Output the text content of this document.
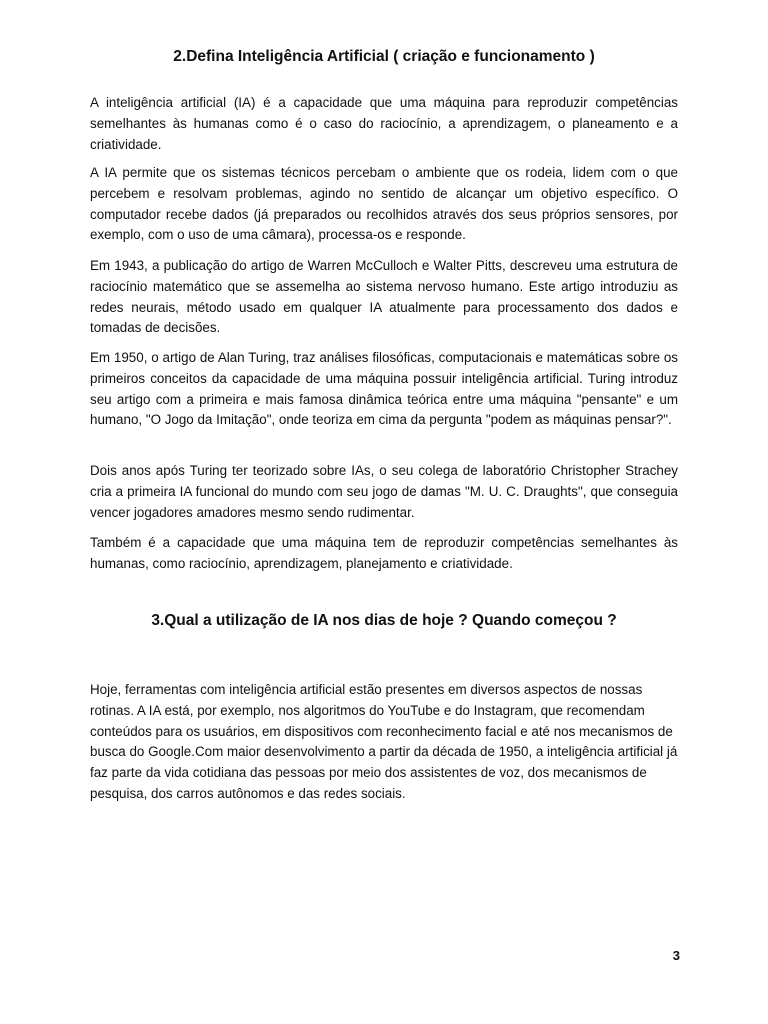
2.Defina Inteligência Artificial ( criação e funcionamento )

A inteligência artificial (IA) é a capacidade que uma máquina para reproduzir competências semelhantes às humanas como é o caso do raciocínio, a aprendizagem, o planeamento e a criatividade.

A IA permite que os sistemas técnicos percebam o ambiente que os rodeia, lidem com o que percebem e resolvam problemas, agindo no sentido de alcançar um objetivo específico. O computador recebe dados (já preparados ou recolhidos através dos seus próprios sensores, por exemplo, com o uso de uma câmara), processa-os e responde.

Em 1943, a publicação do artigo de Warren McCulloch e Walter Pitts, descreveu uma estrutura de raciocínio matemático que se assemelha ao sistema nervoso humano. Este artigo introduziu as redes neurais, método usado em qualquer IA atualmente para processamento dos dados e tomadas de decisões.

Em 1950, o artigo de Alan Turing, traz análises filosóficas, computacionais e matemáticas sobre os primeiros conceitos da capacidade de uma máquina possuir inteligência artificial. Turing introduz seu artigo com a primeira e mais famosa dinâmica teórica entre uma máquina "pensante" e um humano, "O Jogo da Imitação", onde teoriza em cima da pergunta "podem as máquinas pensar?".

Dois anos após Turing ter teorizado sobre IAs, o seu colega de laboratório Christopher Strachey cria a primeira IA funcional do mundo com seu jogo de damas "M. U. C. Draughts", que conseguia vencer jogadores amadores mesmo sendo rudimentar.

Também é a capacidade que uma máquina tem de reproduzir competências semelhantes às humanas, como raciocínio, aprendizagem, planejamento e criatividade.

3.Qual a utilização de IA nos dias de hoje ? Quando começou ?

Hoje, ferramentas com inteligência artificial estão presentes em diversos aspectos de nossas rotinas. A IA está, por exemplo, nos algoritmos do YouTube e do Instagram, que recomendam conteúdos para os usuários, em dispositivos com reconhecimento facial e até nos mecanismos de busca do Google.Com maior desenvolvimento a partir da década de 1950, a inteligência artificial já faz parte da vida cotidiana das pessoas por meio dos assistentes de voz, dos mecanismos de pesquisa, dos carros autônomos e das redes sociais.

3
